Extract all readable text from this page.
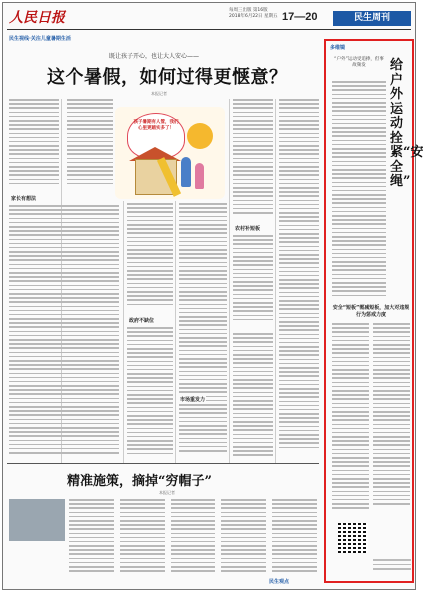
人民日报	每周三出版 第16版
2018年6月22日 星期五 17—20	民生周刊
民生视线·关注儿童暑期生活
既让孩子开心，也让大人安心——
这个暑假，如何过得更惬意？
本报记者
孩子暑期有人管，我们心里更踏实多了！
家长有想法
政府不缺位
农村补短板
市场重发力
精准施策，摘掉“穷帽子”
本报记者
民生观点
多维镜
“户外”运动受追捧，但事故频发	给户外运动拴紧“安全绳”
安全“短板”需减短板，加大对违规行为惩戒力度
